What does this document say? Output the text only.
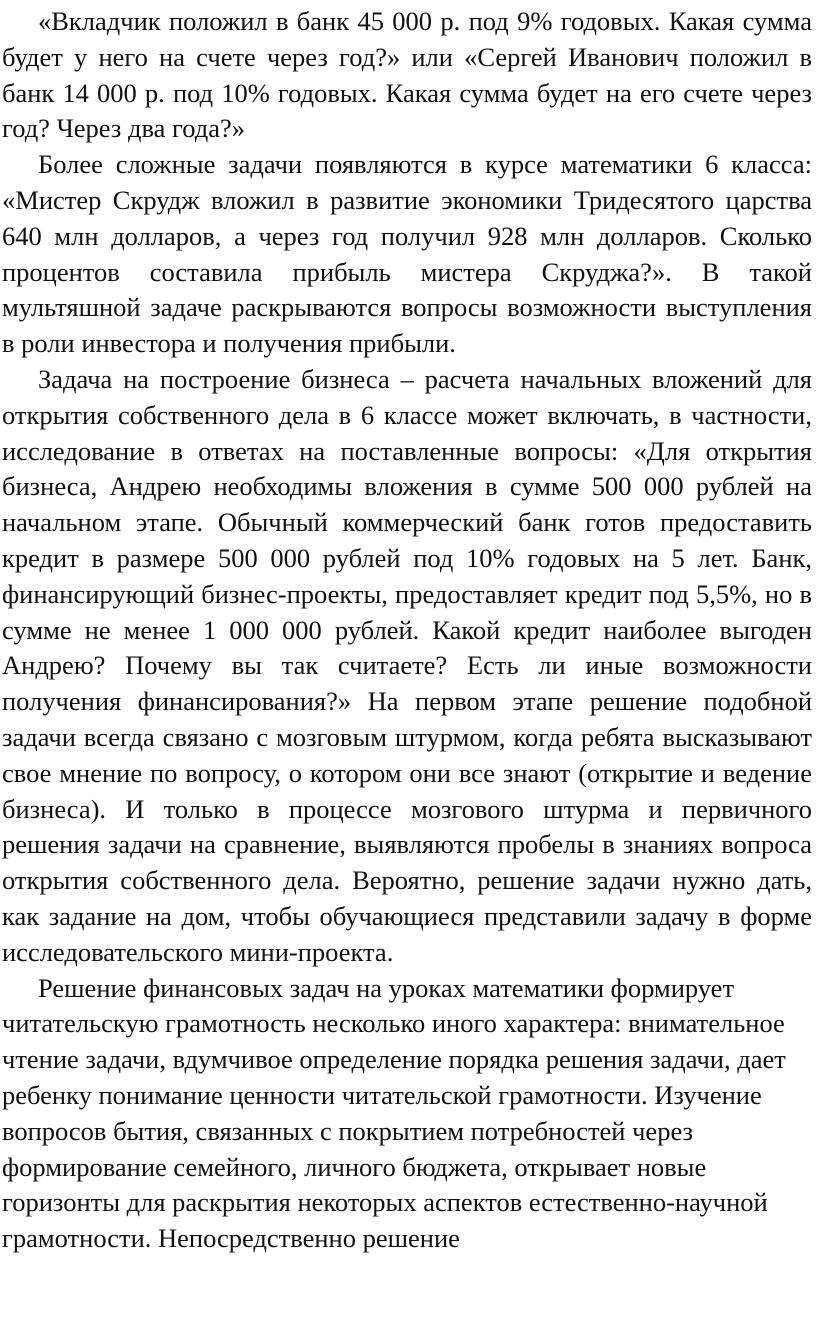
«Вкладчик положил в банк 45 000 р. под 9% годовых. Какая сумма будет у него на счете через год?» или «Сергей Иванович положил в банк 14 000 р. под 10% годовых. Какая сумма будет на его счете через год? Через два года?»

Более сложные задачи появляются в курсе математики 6 класса: «Мистер Скрудж вложил в развитие экономики Тридесятого царства 640 млн долларов, а через год получил 928 млн долларов. Сколько процентов составила прибыль мистера Скруджа?». В такой мультяшной задаче раскрываются вопросы возможности выступления в роли инвестора и получения прибыли.

Задача на построение бизнеса – расчета начальных вложений для открытия собственного дела в 6 классе может включать, в частности, исследование в ответах на поставленные вопросы: «Для открытия бизнеса, Андрею необходимы вложения в сумме 500 000 рублей на начальном этапе. Обычный коммерческий банк готов предоставить кредит в размере 500 000 рублей под 10% годовых на 5 лет. Банк, финансирующий бизнес-проекты, предоставляет кредит под 5,5%, но в сумме не менее 1 000 000 рублей. Какой кредит наиболее выгоден Андрею? Почему вы так считаете? Есть ли иные возможности получения финансирования?» На первом этапе решение подобной задачи всегда связано с мозговым штурмом, когда ребята высказывают свое мнение по вопросу, о котором они все знают (открытие и ведение бизнеса). И только в процессе мозгового штурма и первичного решения задачи на сравнение, выявляются пробелы в знаниях вопроса открытия собственного дела. Вероятно, решение задачи нужно дать, как задание на дом, чтобы обучающиеся представили задачу в форме исследовательского мини-проекта.

Решение финансовых задач на уроках математики формирует читательскую грамотность несколько иного характера: внимательное чтение задачи, вдумчивое определение порядка решения задачи, дает ребенку понимание ценности читательской грамотности. Изучение вопросов бытия, связанных с покрытием потребностей через формирование семейного, личного бюджета, открывает новые горизонты для раскрытия некоторых аспектов естественно-научной грамотности. Непосредственно решение
